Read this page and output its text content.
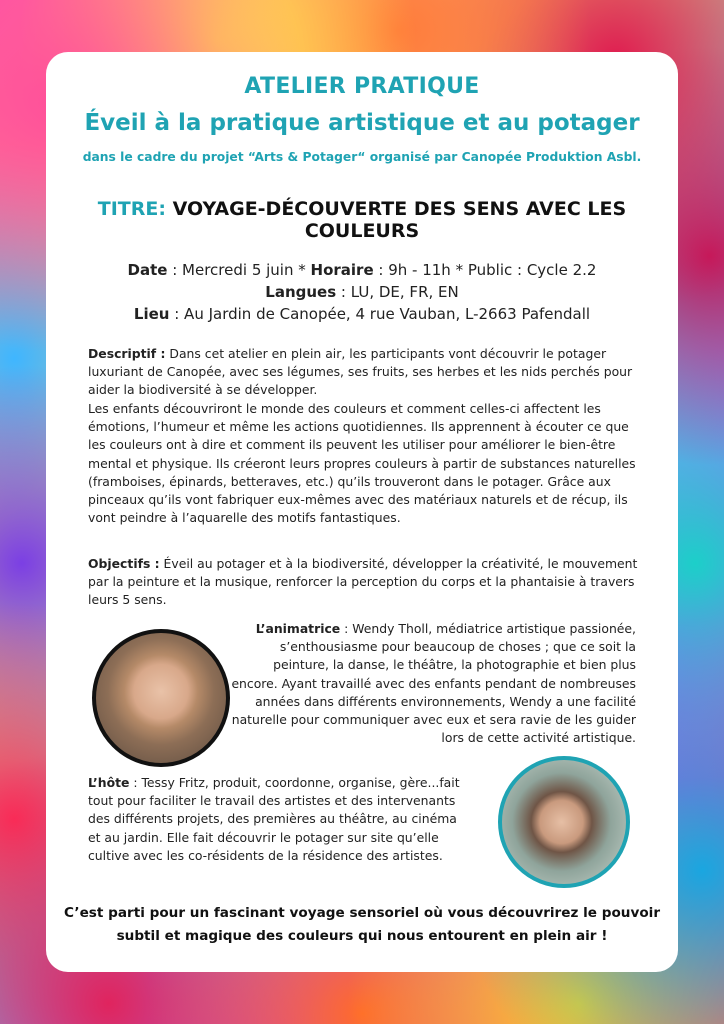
ATELIER PRATIQUE
Éveil à la pratique artistique et au potager
dans le cadre du projet “Arts & Potager“ organisé par Canopée Produktion Asbl.
TITRE: VOYAGE-DÉCOUVERTE DES SENS AVEC LES COULEURS
Date : Mercredi 5 juin * Horaire : 9h - 11h * Public : Cycle 2.2
Langues : LU, DE, FR, EN
Lieu : Au Jardin de Canopée, 4 rue Vauban, L-2663 Pafendall
Descriptif : Dans cet atelier en plein air, les participants vont découvrir le potager luxuriant de Canopée, avec ses légumes, ses fruits, ses herbes et les nids perchés pour aider la biodiversité à se développer.
Les enfants découvriront le monde des couleurs et comment celles-ci affectent les émotions, l’humeur et même les actions quotidiennes. Ils apprennent à écouter ce que les couleurs ont à dire et comment ils peuvent les utiliser pour améliorer le bien-être mental et physique. Ils créeront leurs propres couleurs à partir de substances naturelles (framboises, épinards, betteraves, etc.) qu’ils trouveront dans le potager. Grâce aux pinceaux qu’ils vont fabriquer eux-mêmes avec des matériaux naturels et de récup, ils vont peindre à l’aquarelle des motifs fantastiques.
Objectifs : Éveil au potager et à la biodiversité, développer la créativité, le mouvement par la peinture et la musique, renforcer la perception du corps et la phantaisie à travers leurs 5 sens.
L’animatrice : Wendy Tholl, médiatrice artistique passionée, s’enthousiasme pour beaucoup de choses ; que ce soit la peinture, la danse, le théâtre, la photographie et bien plus encore. Ayant travaillé avec des enfants pendant de nombreuses années dans différents environnements, Wendy a une facilité naturelle pour communiquer avec eux et sera ravie de les guider lors de cette activité artistique.
L’hôte : Tessy Fritz, produit, coordonne, organise, gère...fait tout pour faciliter le travail des artistes et des intervenants des différents projets, des premières au théâtre, au cinéma et au jardin. Elle fait découvrir le potager sur site qu’elle cultive avec les co-résidents de la résidence des artistes.
C’est parti pour un fascinant voyage sensoriel où vous découvrirez le pouvoir
subtil et magique des couleurs qui nous entourent en plein air !
